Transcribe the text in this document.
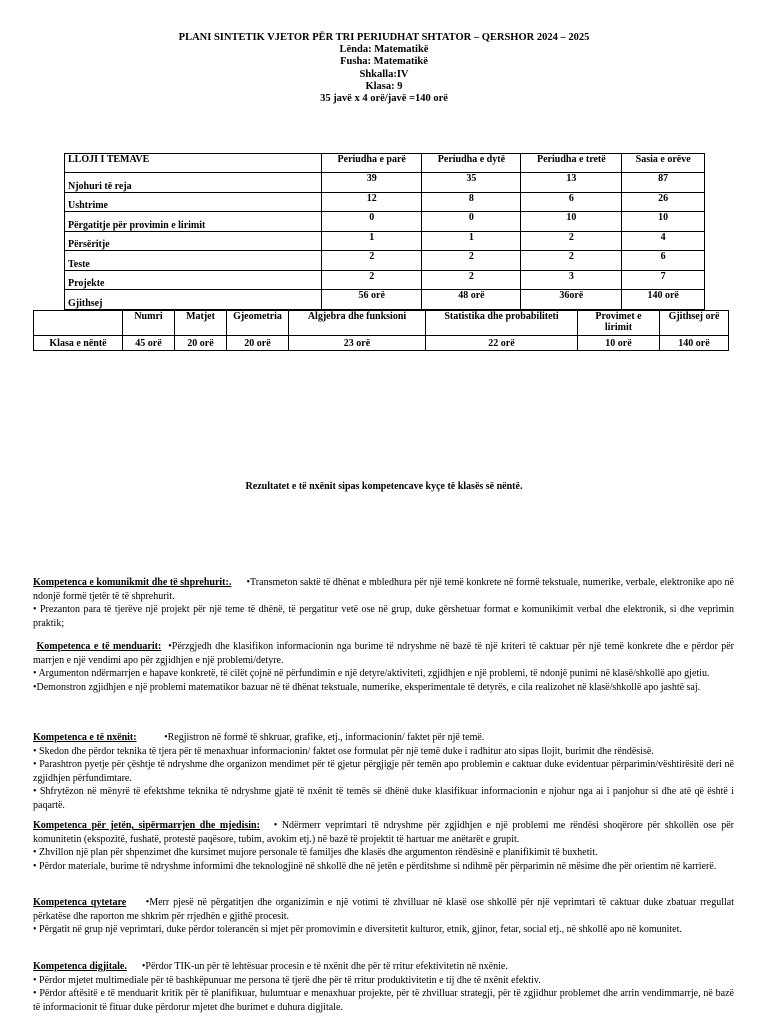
PLANI SINTETIK VJETOR PËR TRI PERIUDHAT SHTATOR – QERSHOR 2024 – 2025
Lënda: Matematikë
Fusha: Matematikë
Shkalla:IV
Klasa: 9
35 javë x 4 orë/javë =140 orë
LLOJI I TEMAVE	Periudha e parë	Periudha e dytë	Periudha e tretë	Sasia e orëve
Njohuri të reja	39	35	13	87
Ushtrime	12	8	6	26
Përgatitje për provimin e lirimit	0	0	10	10
Përsëritje	1	1	2	4
Teste	2	2	2	6
Projekte	2	2	3	7
Gjithsej	56 orë	48 orë	36orë	140 orë
	Numri	Matjet	Gjeometria	Algjebra dhe funksioni	Statistika dhe probabiliteti	Provimet e lirimit	Gjithsej orë
Klasa e nëntë	45 orë	20 orë	20 orë	23 orë	22 orë	10 orë	140 orë
Rezultatet e të nxënit sipas kompetencave kyçe të klasës së nëntë.

Kompetenca e komunikmit dhe të shprehurit:. •Transmeton saktë të dhënat e mbledhura për një temë konkrete në formë tekstuale, numerike, verbale, elektronike apo në ndonjë formë tjetër të të shprehurit.

• Prezanton para të tjerëve një projekt për një teme të dhënë, të pergatitur vetë ose në grup, duke gërshetuar format e komunikimit verbal dhe elektronik, si dhe veprimin praktik;

Kompetenca e të menduarit: •Përzgjedh dhe klasifikon informacionin nga burime të ndryshme në bazë të një kriteri të caktuar për një temë konkrete dhe e përdor për marrjen e një vendimi apo për zgjidhjen e një problemi/detyre.

• Argumenton ndërmarrjen e hapave konkretë, të cilët çojnë në përfundimin e një detyre/aktiviteti, zgjidhjen e një problemi, të ndonjë punimi në klasë/shkollë apo gjetiu.

•Demonstron zgjidhjen e një problemi matematikor bazuar në të dhënat tekstuale, numerike, eksperimentale të detyrës, e cila realizohet në klasë/shkollë apo jashtë saj.

Kompetenca e të nxënit:	•Regjistron në formë të shkruar, grafike, etj., informacionin/ faktet për një temë.

• Skedon dhe përdor teknika të tjera për të menaxhuar informacionin/ faktet ose formulat për një temë duke i radhitur ato sipas llojit, burimit dhe rëndësisë.

• Parashtron pyetje për çështje të ndryshme dhe organizon mendimet për të gjetur përgjigje për temën apo problemin e caktuar duke evidentuar përparimin/vështirësitë deri në zgjidhjen përfundimtare.

• Shfrytëzon në mënyrë të efektshme teknika të ndryshme gjatë të nxënit të temës së dhënë duke klasifikuar informacionin e njohur nga ai i panjohur si dhe atë që është i paqartë.

Kompetenca për jetën, sipërmarrjen dhe mjedisin: • Ndërmerr veprimtari të ndryshme për zgjidhjen e një problemi me rëndësi shoqërore për shkollën ose për komunitetin (ekspozitë, fushatë, protestë paqësore, tubim, avokim etj.) në bazë të projektit të hartuar me anëtarët e grupit.

• Zhvillon një plan për shpenzimet dhe kursimet mujore personale të familjes dhe klasës dhe argumenton rëndësinë e planifikimit të buxhetit.

• Përdor materiale, burime të ndryshme informimi dhe teknologjinë në shkollë dhe në jetën e përditshme si ndihmë për përparimin në mësime dhe për orientim në karrierë.

Kompetenca qytetare •Merr pjesë në përgatitjen dhe organizimin e një votimi të zhvilluar në klasë ose shkollë për një veprimtari të caktuar duke zbatuar rregullat përkatëse dhe raporton me shkrim për rrjedhën e gjithë procesit.

• Përgatit në grup një veprimtari, duke përdor tolerancën si mjet për promovimin e diversitetit kulturor, etnik, gjinor, fetar, social etj., në shkollë apo në komunitet.

Kompetenca digjitale. •Përdor TIK-un për të lehtësuar procesin e të nxënit dhe për të rritur efektivitetin në nxënie.

• Përdor mjetet multimediale për të bashkëpunuar me persona të tjerë dhe për të rritur produktivitetin e tij dhe të nxënit efektiv.

• Përdor aftësitë e të menduarit kritik për të planifikuar, hulumtuar e menaxhuar projekte, për të zhvilluar strategji, për të zgjidhur problemet dhe arrin vendimmarrje, në bazë të informacionit të fituar duke përdorur mjetet dhe burimet e duhura digjitale.
